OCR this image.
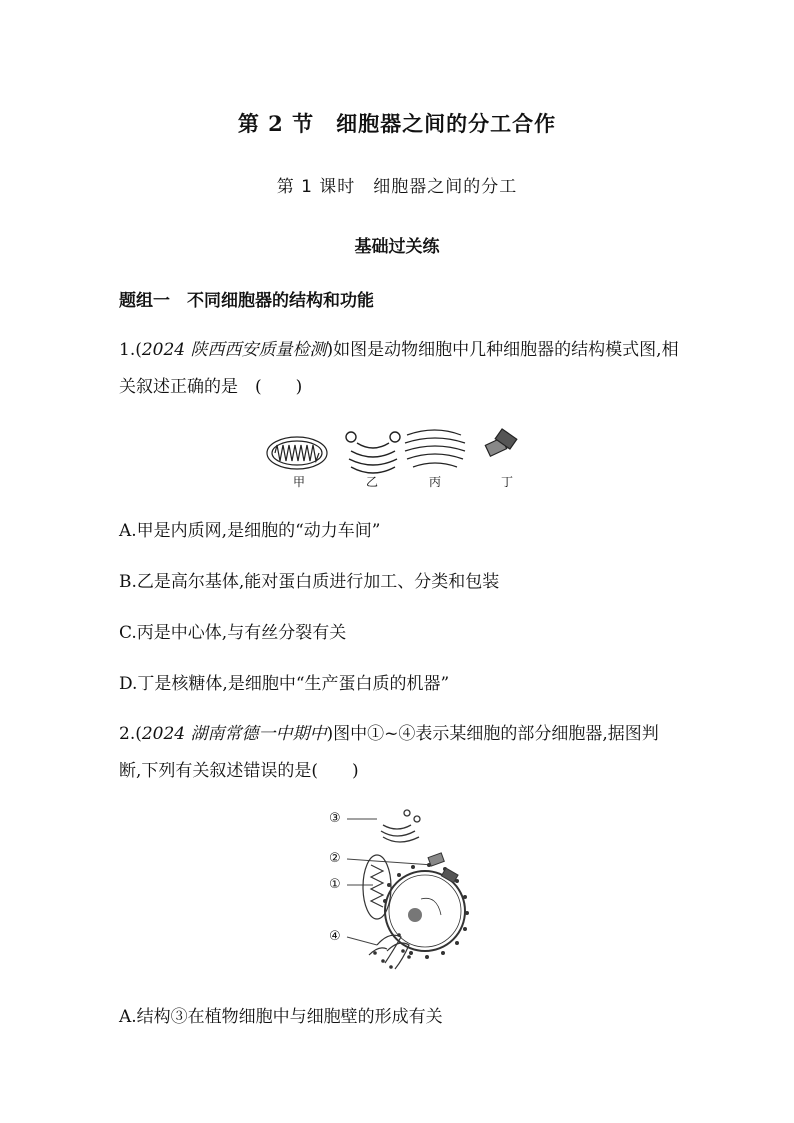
第 2 节　细胞器之间的分工合作
第 1 课时　细胞器之间的分工
基础过关练
题组一　不同细胞器的结构和功能
1.(2024 陕西西安质量检测)如图是动物细胞中几种细胞器的结构模式图,相关叙述正确的是　(　　)
甲	乙	丙	丁
A.甲是内质网,是细胞的“动力车间”
B.乙是高尔基体,能对蛋白质进行加工、分类和包装
C.丙是中心体,与有丝分裂有关
D.丁是核糖体,是细胞中“生产蛋白质的机器”
2.(2024 湖南常德一中期中)图中①~④表示某细胞的部分细胞器,据图判断,下列有关叙述错误的是(　　)
③
②
①
④
A.结构③在植物细胞中与细胞壁的形成有关
